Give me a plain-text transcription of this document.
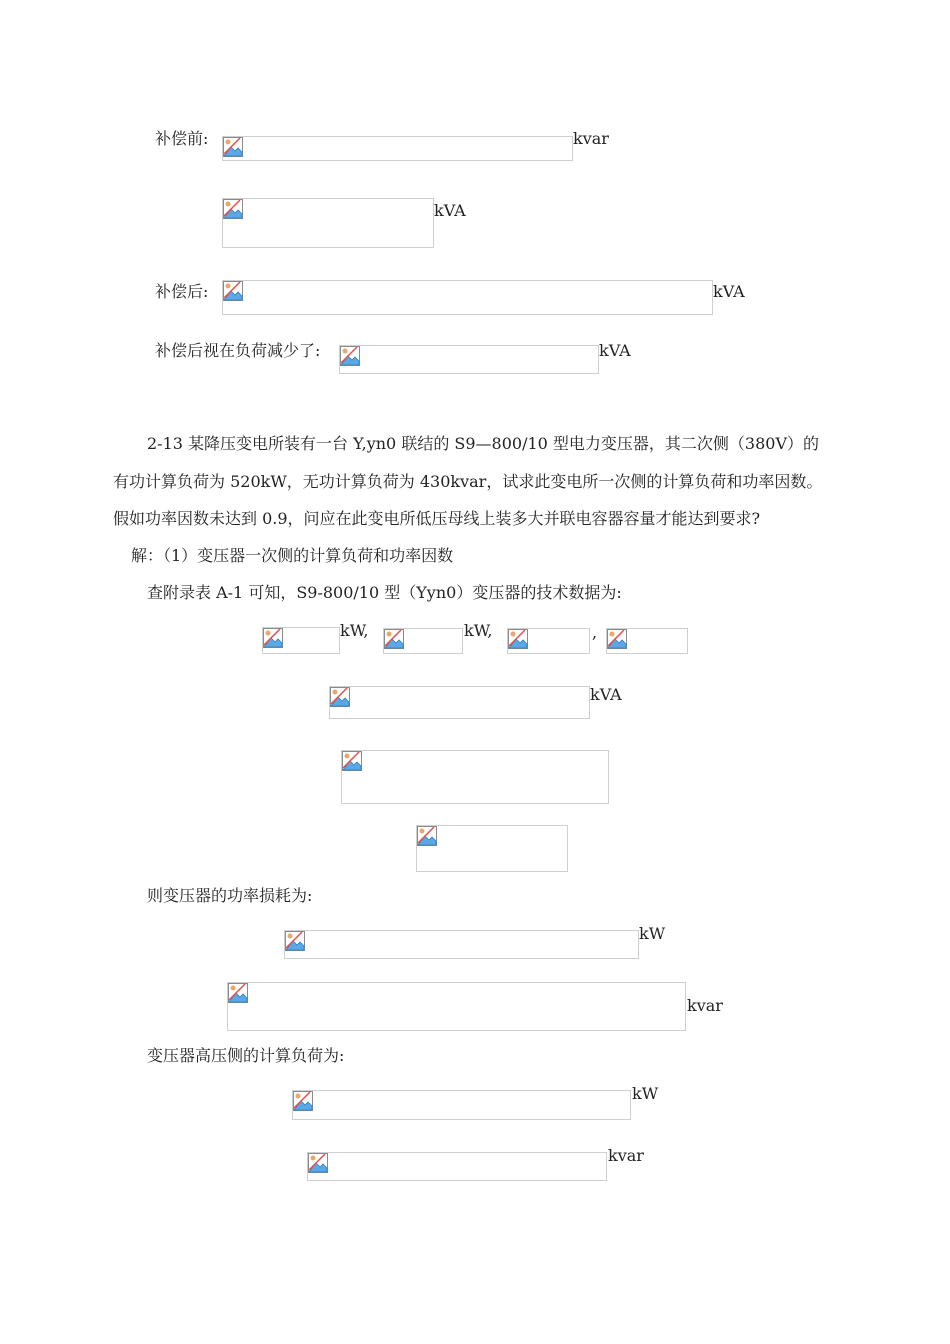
补偿前:	kvar
kVA
补偿后:	kVA
补偿后视在负荷减少了:	kVA
2-13 某降压变电所装有一台 Y,yn0 联结的 S9—800/10 型电力变压器，其二次侧（380V）的
有功计算负荷为 520kW，无功计算负荷为 430kvar，试求此变电所一次侧的计算负荷和功率因数。
假如功率因数未达到 0.9，问应在此变电所低压母线上装多大并联电容器容量才能达到要求?
解：（1）变压器一次侧的计算负荷和功率因数
查附录表 A-1 可知，S9-800/10 型（Yyn0）变压器的技术数据为:
kW,	kW,	,
kVA
则变压器的功率损耗为:
kW
kvar
变压器高压侧的计算负荷为:
kW
kvar
